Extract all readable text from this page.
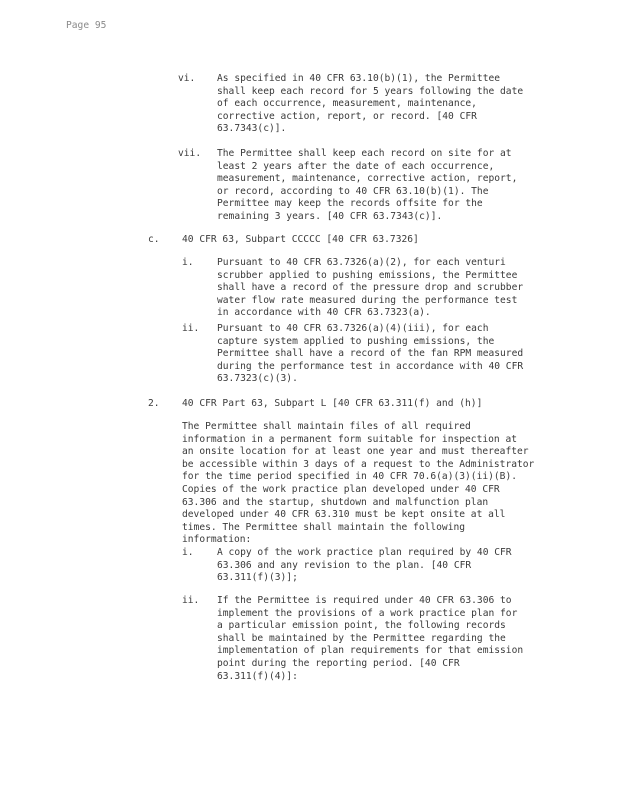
Page 95
vi. As specified in 40 CFR 63.10(b)(1), the Permittee
shall keep each record for 5 years following the date
of each occurrence, measurement, maintenance,
corrective action, report, or record. [40 CFR
63.7343(c)].
vii. The Permittee shall keep each record on site for at
least 2 years after the date of each occurrence,
measurement, maintenance, corrective action, report,
or record, according to 40 CFR 63.10(b)(1). The
Permittee may keep the records offsite for the
remaining 3 years. [40 CFR 63.7343(c)].
c. 40 CFR 63, Subpart CCCCC [40 CFR 63.7326]
i. Pursuant to 40 CFR 63.7326(a)(2), for each venturi
scrubber applied to pushing emissions, the Permittee
shall have a record of the pressure drop and scrubber
water flow rate measured during the performance test
in accordance with 40 CFR 63.7323(a).
ii. Pursuant to 40 CFR 63.7326(a)(4)(iii), for each
capture system applied to pushing emissions, the
Permittee shall have a record of the fan RPM measured
during the performance test in accordance with 40 CFR
63.7323(c)(3).
2. 40 CFR Part 63, Subpart L [40 CFR 63.311(f) and (h)]
The Permittee shall maintain files of all required
information in a permanent form suitable for inspection at
an onsite location for at least one year and must thereafter
be accessible within 3 days of a request to the Administrator
for the time period specified in 40 CFR 70.6(a)(3)(ii)(B).
Copies of the work practice plan developed under 40 CFR
63.306 and the startup, shutdown and malfunction plan
developed under 40 CFR 63.310 must be kept onsite at all
times. The Permittee shall maintain the following
information:
i. A copy of the work practice plan required by 40 CFR
63.306 and any revision to the plan. [40 CFR
63.311(f)(3)];
ii. If the Permittee is required under 40 CFR 63.306 to
implement the provisions of a work practice plan for
a particular emission point, the following records
shall be maintained by the Permittee regarding the
implementation of plan requirements for that emission
point during the reporting period. [40 CFR
63.311(f)(4)]:
